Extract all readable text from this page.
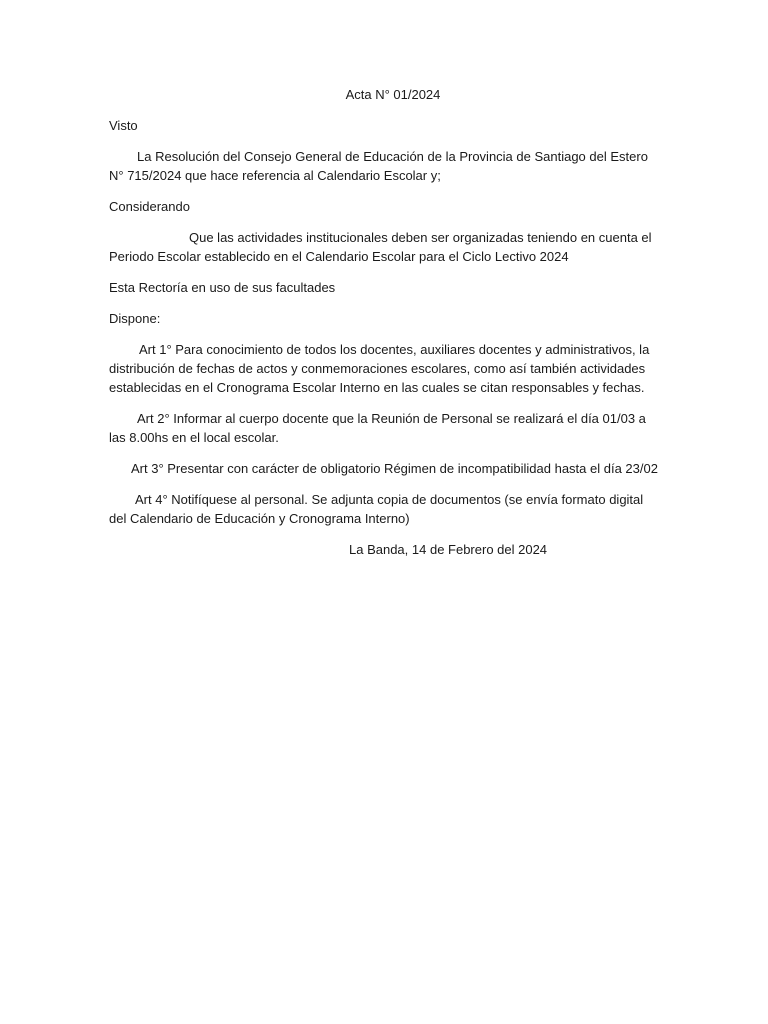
Acta N° 01/2024

Visto

La Resolución del Consejo General de Educación de la Provincia de Santiago del Estero N° 715/2024 que hace referencia al Calendario Escolar y;

Considerando

Que las actividades institucionales deben ser organizadas teniendo en cuenta el Periodo Escolar establecido en el Calendario Escolar para el Ciclo Lectivo 2024

Esta Rectoría en uso de sus facultades

Dispone:

Art 1° Para conocimiento de todos los docentes, auxiliares docentes y administrativos, la distribución de fechas de actos y conmemoraciones escolares, como así también actividades establecidas en el Cronograma Escolar Interno en las cuales se citan responsables y fechas.

Art 2° Informar al cuerpo docente que la Reunión de Personal se realizará el día 01/03 a las 8.00hs en el local escolar.

Art 3° Presentar con carácter de obligatorio Régimen de incompatibilidad hasta el día 23/02

Art 4° Notifíquese al personal. Se adjunta copia de documentos (se envía formato digital del Calendario de Educación y Cronograma Interno)

La Banda, 14 de Febrero del 2024
